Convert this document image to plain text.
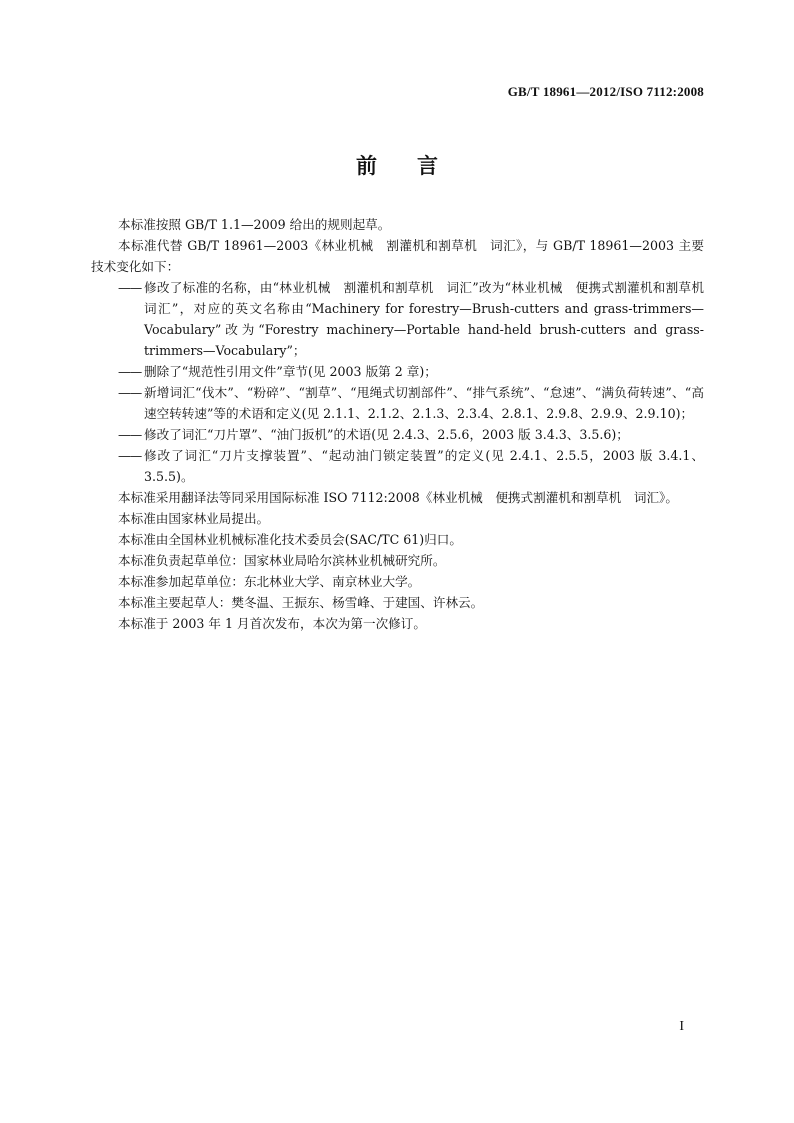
GB/T 18961—2012/ISO 7112:2008
前言

本标准按照 GB/T 1.1—2009 给出的规则起草。

本标准代替 GB/T 18961—2003《林业机械　割灌机和割草机　词汇》，与 GB/T 18961—2003 主要技术变化如下：

—— 修改了标准的名称，由“林业机械　割灌机和割草机　词汇”改为“林业机械　便携式割灌机和割草机　词汇”，对应的英文名称由“Machinery for forestry—Brush-cutters and grass-trimmers—Vocabulary”改为“Forestry machinery—Portable hand-held brush-cutters and grass-trimmers—Vocabulary”；

—— 删除了“规范性引用文件”章节(见 2003 版第 2 章)；

—— 新增词汇“伐木”、“粉碎”、“割草”、“甩绳式切割部件”、“排气系统”、“怠速”、“满负荷转速”、“高速空转转速”等的术语和定义(见 2.1.1、2.1.2、2.1.3、2.3.4、2.8.1、2.9.8、2.9.9、2.9.10)；

—— 修改了词汇“刀片罩”、“油门扳机”的术语(见 2.4.3、2.5.6，2003 版 3.4.3、3.5.6)；

—— 修改了词汇“刀片支撑装置”、“起动油门锁定装置”的定义(见 2.4.1、2.5.5，2003 版 3.4.1、3.5.5)。

本标准采用翻译法等同采用国际标准 ISO 7112:2008《林业机械　便携式割灌机和割草机　词汇》。

本标准由国家林业局提出。

本标准由全国林业机械标准化技术委员会(SAC/TC 61)归口。

本标准负责起草单位：国家林业局哈尔滨林业机械研究所。

本标准参加起草单位：东北林业大学、南京林业大学。

本标准主要起草人：樊冬温、王振东、杨雪峰、于建国、许林云。

本标准于 2003 年 1 月首次发布，本次为第一次修订。

I
